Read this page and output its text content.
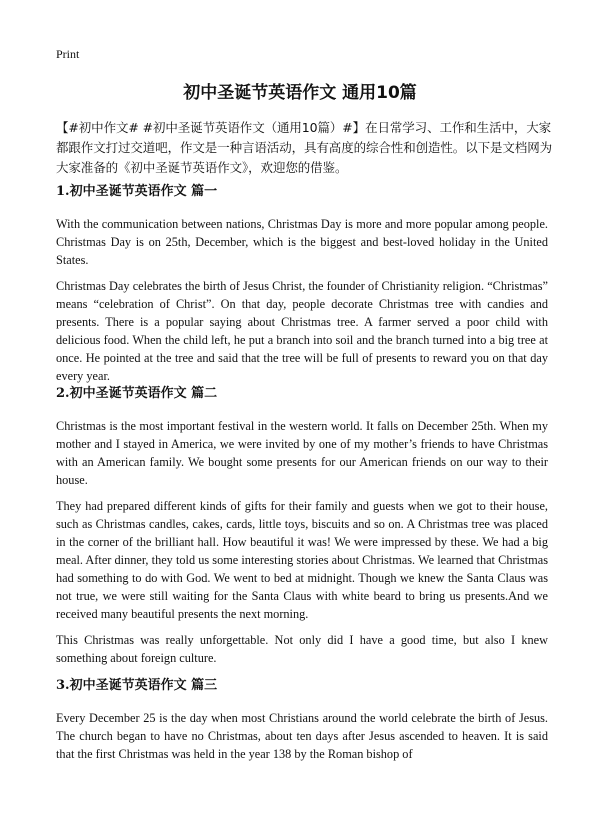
Print
初中圣诞节英语作文 通用10篇

【#初中作文# #初中圣诞节英语作文（通用10篇）#】在日常学习、工作和生活中，大家都跟作文打过交道吧，作文是一种言语活动，具有高度的综合性和创造性。以下是文档网为大家准备的《初中圣诞节英语作文》，欢迎您的借鉴。

1.初中圣诞节英语作文 篇一

With the communication between nations, Christmas Day is more and more popular among people. Christmas Day is on 25th, December, which is the biggest and best-loved holiday in the United States.

Christmas Day celebrates the birth of Jesus Christ, the founder of Christianity religion. “Christmas” means “celebration of Christ”. On that day, people decorate Christmas tree with candies and presents. There is a popular saying about Christmas tree. A farmer served a poor child with delicious food. When the child left, he put a branch into soil and the branch turned into a big tree at once. He pointed at the tree and said that the tree will be full of presents to reward you on that day every year.

2.初中圣诞节英语作文 篇二

Christmas is the most important festival in the western world. It falls on December 25th. When my mother and I stayed in America, we were invited by one of my mother’s friends to have Christmas with an American family. We bought some presents for our American friends on our way to their house.

They had prepared different kinds of gifts for their family and guests when we got to their house, such as Christmas candles, cakes, cards, little toys, biscuits and so on. A Christmas tree was placed in the corner of the brilliant hall. How beautiful it was! We were impressed by these. We had a big meal. After dinner, they told us some interesting stories about Christmas. We learned that Christmas had something to do with God. We went to bed at midnight. Though we knew the Santa Claus was not true, we were still waiting for the Santa Claus with white beard to bring us presents.And we received many beautiful presents the next morning.

This Christmas was really unforgettable. Not only did I have a good time, but also I knew something about foreign culture.

3.初中圣诞节英语作文 篇三

Every December 25 is the day when most Christians around the world celebrate the birth of Jesus. The church began to have no Christmas, about ten days after Jesus ascended to heaven. It is said that the first Christmas was held in the year 138 by the Roman bishop of
